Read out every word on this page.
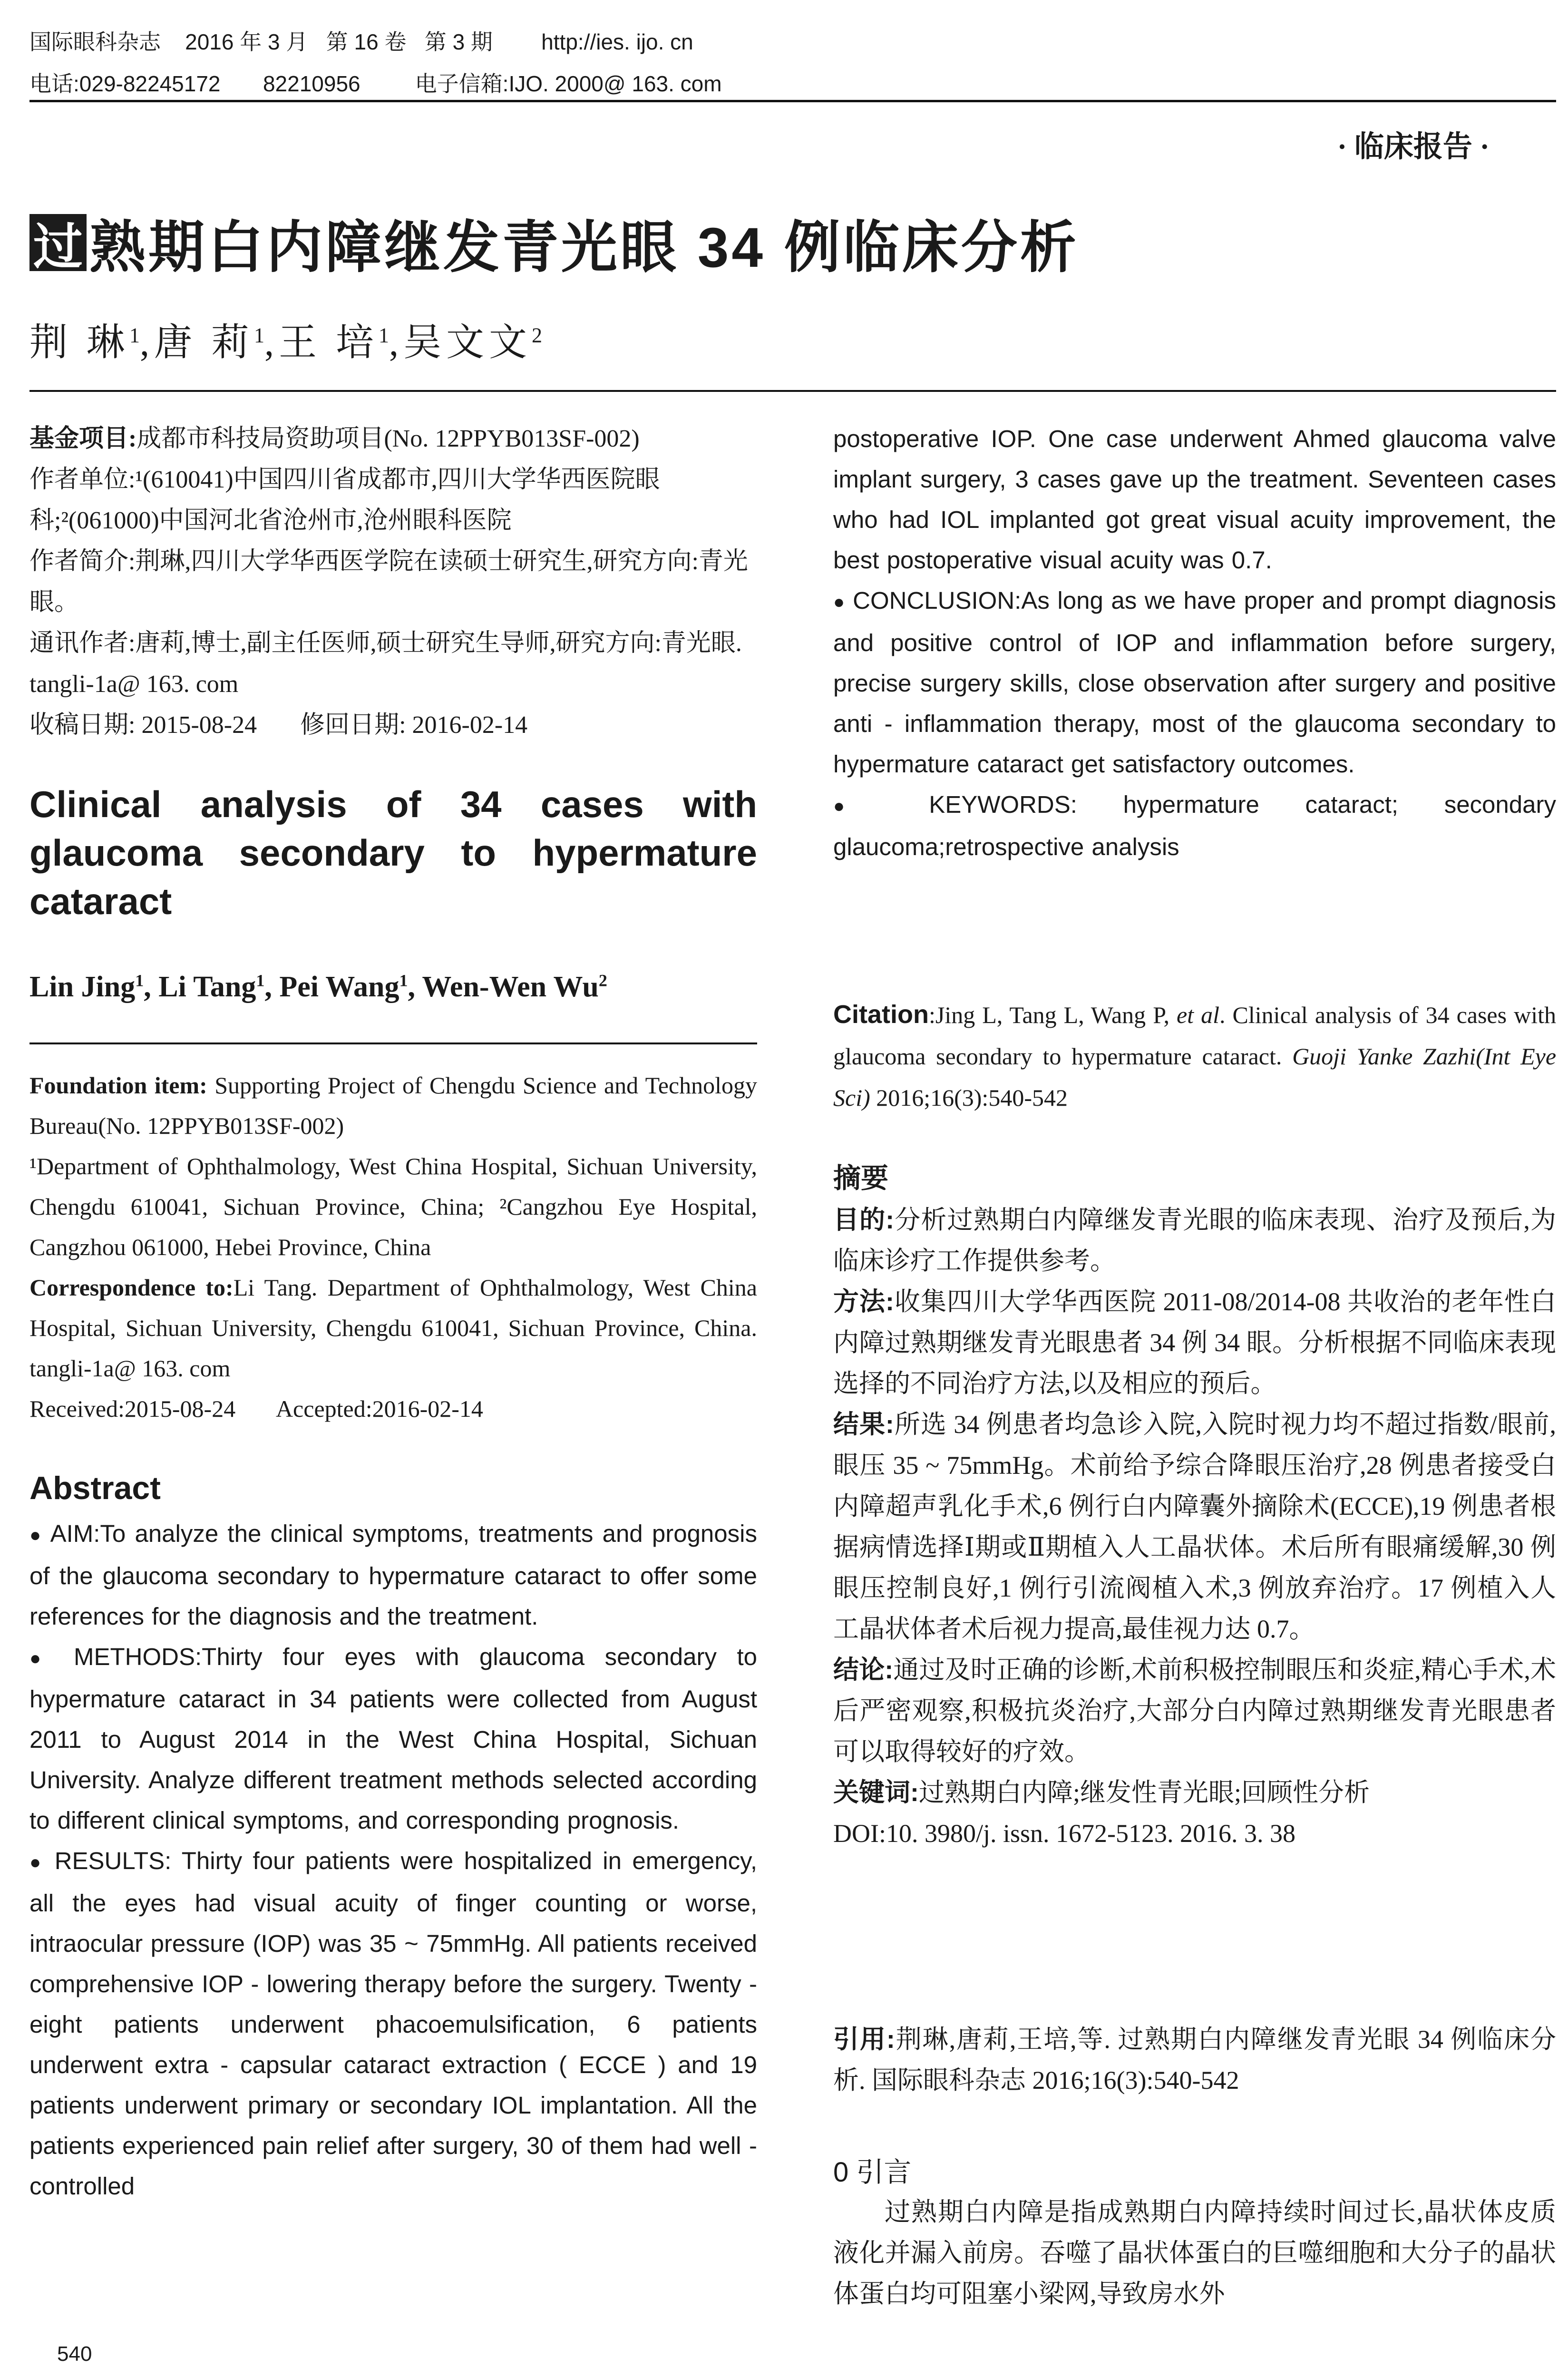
国际眼科杂志    2016 年 3 月   第 16 卷   第 3 期        http://ies. ijo. cn
电话:029-82245172       82210956         电子信箱:IJO. 2000@ 163. com
· 临床报告 ·
过 熟期白内障继发青光眼 34 例临床分析
荆 琳$^1$,唐 莉$^1$,王 培$^1$,吴文文$^2$

基金项目:成都市科技局资助项目(No. 12PPYB013SF-002)

作者单位:¹(610041)中国四川省成都市,四川大学华西医院眼科;²(061000)中国河北省沧州市,沧州眼科医院

作者简介:荆琳,四川大学华西医学院在读硕士研究生,研究方向:青光眼。

通讯作者:唐莉,博士,副主任医师,硕士研究生导师,研究方向:青光眼. tangli-1a@ 163. com

收稿日期: 2015-08-24       修回日期: 2016-02-14

Clinical analysis of 34 cases with glaucoma secondary to hypermature cataract
Lin Jing$^1$, Li Tang$^1$, Pei Wang$^1$, Wen-Wen Wu$^2$

Foundation item: Supporting Project of Chengdu Science and Technology Bureau(No. 12PPYB013SF-002)

¹Department of Ophthalmology, West China Hospital, Sichuan University, Chengdu 610041, Sichuan Province, China; ²Cangzhou Eye Hospital, Cangzhou 061000, Hebei Province, China

Correspondence to:Li Tang. Department of Ophthalmology, West China Hospital, Sichuan University, Chengdu 610041, Sichuan Province, China. tangli-1a@ 163. com

Received:2015-08-24       Accepted:2016-02-14

Abstract

● AIM:To analyze the clinical symptoms, treatments and prognosis of the glaucoma secondary to hypermature cataract to offer some references for the diagnosis and the treatment.

● METHODS:Thirty four eyes with glaucoma secondary to hypermature cataract in 34 patients were collected from August 2011 to August 2014 in the West China Hospital, Sichuan University. Analyze different treatment methods selected according to different clinical symptoms, and corresponding prognosis.

● RESULTS: Thirty four patients were hospitalized in emergency, all the eyes had visual acuity of finger counting or worse, intraocular pressure (IOP) was 35 ~ 75mmHg. All patients received comprehensive IOP - lowering therapy before the surgery. Twenty - eight patients underwent phacoemulsification, 6 patients underwent extra - capsular cataract extraction ( ECCE ) and 19 patients underwent primary or secondary IOL implantation. All the patients experienced pain relief after surgery, 30 of them had well - controlled

540

postoperative IOP. One case underwent Ahmed glaucoma valve implant surgery, 3 cases gave up the treatment. Seventeen cases who had IOL implanted got great visual acuity improvement, the best postoperative visual acuity was 0.7.

● CONCLUSION:As long as we have proper and prompt diagnosis and positive control of IOP and inflammation before surgery, precise surgery skills, close observation after surgery and positive anti - inflammation therapy, most of the glaucoma secondary to hypermature cataract get satisfactory outcomes.

● KEYWORDS: hypermature cataract; secondary glaucoma;retrospective analysis

Citation:Jing L, Tang L, Wang P, et al. Clinical analysis of 34 cases with glaucoma secondary to hypermature cataract. Guoji Yanke Zazhi(Int Eye Sci) 2016;16(3):540-542

摘要

目的:分析过熟期白内障继发青光眼的临床表现、治疗及预后,为临床诊疗工作提供参考。

方法:收集四川大学华西医院 2011-08/2014-08 共收治的老年性白内障过熟期继发青光眼患者 34 例 34 眼。分析根据不同临床表现选择的不同治疗方法,以及相应的预后。

结果:所选 34 例患者均急诊入院,入院时视力均不超过指数/眼前,眼压 35 ~ 75mmHg。术前给予综合降眼压治疗,28 例患者接受白内障超声乳化手术,6 例行白内障囊外摘除术(ECCE),19 例患者根据病情选择Ⅰ期或Ⅱ期植入人工晶状体。术后所有眼痛缓解,30 例眼压控制良好,1 例行引流阀植入术,3 例放弃治疗。17 例植入人工晶状体者术后视力提高,最佳视力达 0.7。

结论:通过及时正确的诊断,术前积极控制眼压和炎症,精心手术,术后严密观察,积极抗炎治疗,大部分白内障过熟期继发青光眼患者可以取得较好的疗效。

关键词:过熟期白内障;继发性青光眼;回顾性分析

DOI:10. 3980/j. issn. 1672-5123. 2016. 3. 38

引用:荆琳,唐莉,王培,等. 过熟期白内障继发青光眼 34 例临床分析. 国际眼科杂志 2016;16(3):540-542

0 引言

过熟期白内障是指成熟期白内障持续时间过长,晶状体皮质液化并漏入前房。吞噬了晶状体蛋白的巨噬细胞和大分子的晶状体蛋白均可阻塞小梁网,导致房水外
